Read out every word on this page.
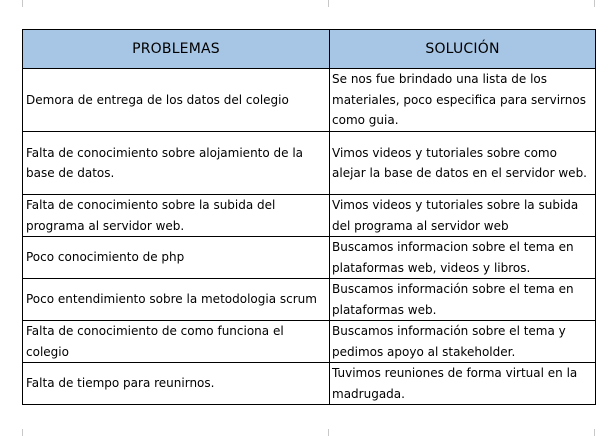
PROBLEMAS	SOLUCIÓN
Demora de entrega de los datos del colegio	Se nos fue brindado una lista de los materiales, poco especifica para servirnos como guia.
Falta de conocimiento sobre alojamiento de la base de datos.	Vimos videos y tutoriales sobre como alejar la base de datos en el servidor web.
Falta de conocimiento sobre la subida del programa al servidor web.	Vimos videos y tutoriales sobre la subida del programa al servidor web
Poco conocimiento de php	Buscamos informacion sobre el tema en plataformas web, videos y libros.
Poco entendimiento sobre la metodologia scrum	Buscamos información sobre el tema en plataformas web.
Falta de conocimiento de como funciona el colegio	Buscamos información sobre el tema y pedimos apoyo al stakeholder.
Falta de tiempo para reunirnos.	Tuvimos reuniones de forma virtual en la madrugada.
